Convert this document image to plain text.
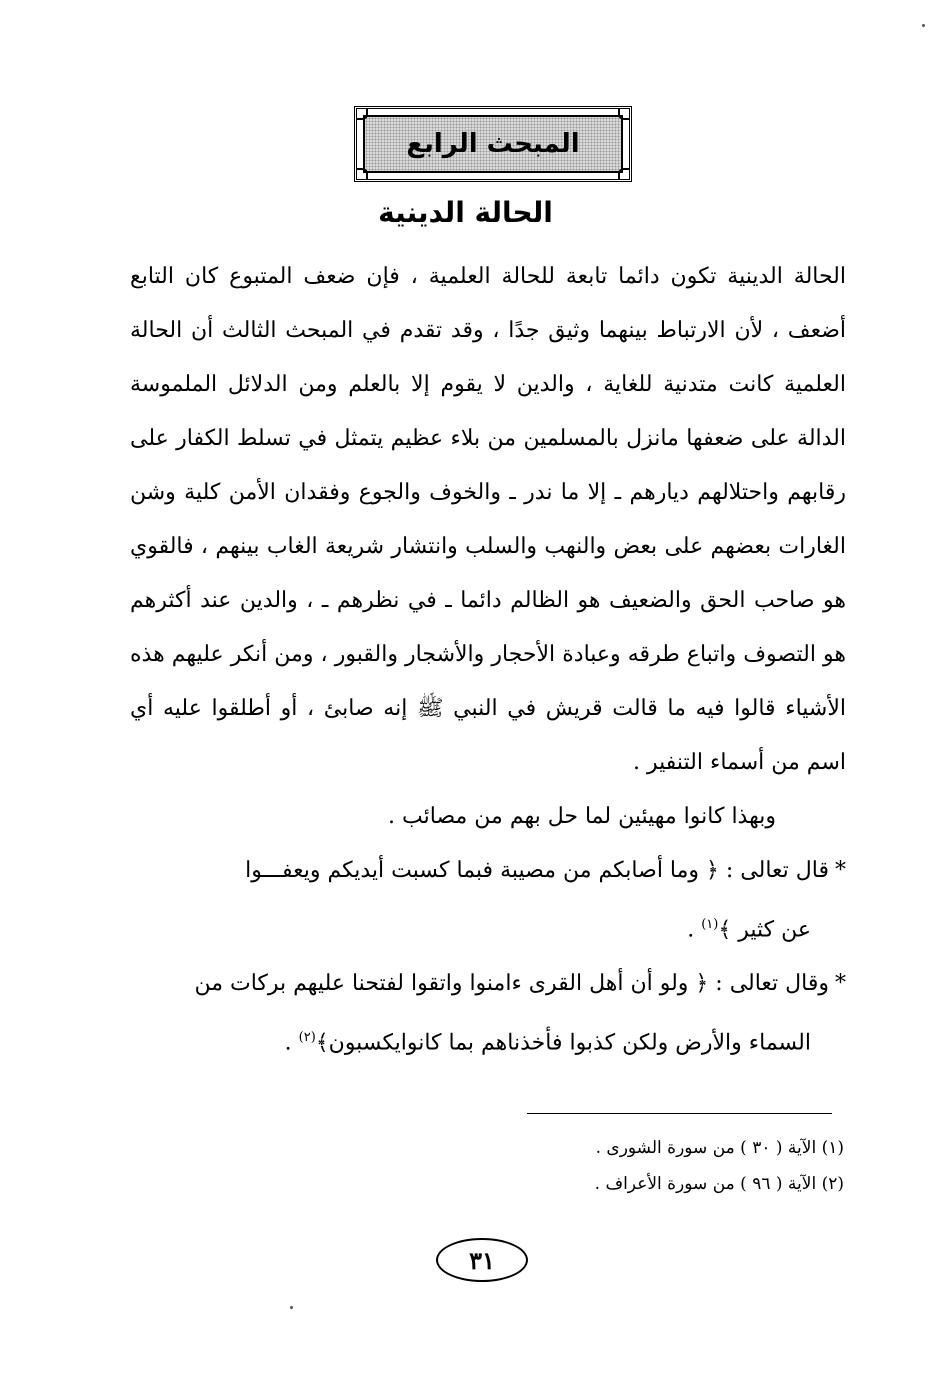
المبحث الرابع
الحالة الدينية

الحالة الدينية تكون دائما تابعة للحالة العلمية ، فإن ضعف المتبوع كان التابع أضعف ، لأن الارتباط بينهما وثيق جدًا ، وقد تقدم في المبحث الثالث أن الحالة العلمية كانت متدنية للغاية ، والدين لا يقوم إلا بالعلم ومن الدلائل الملموسة الدالة على ضعفها مانزل بالمسلمين من بلاء عظيم يتمثل في تسلط الكفار على رقابهم واحتلالهم ديارهم ـ إلا ما ندر ـ والخوف والجوع وفقدان الأمن كلية وشن الغارات بعضهم على بعض والنهب والسلب وانتشار شريعة الغاب بينهم ، فالقوي هو صاحب الحق والضعيف هو الظالم دائما ـ في نظرهم ـ ، والدين عند أكثرهم هو التصوف واتباع طرقه وعبادة الأحجار والأشجار والقبور ، ومن أنكر عليهم هذه الأشياء قالوا فيه ما قالت قريش في النبي ﷺ إنه صابئ ، أو أطلقوا عليه أي اسم من أسماء التنفير .

وبهذا كانوا مهيئين لما حل بهم من مصائب .

*قال تعالى : ﴿ وما أصابكم من مصيبة فبما كسبت أيديكم ويعفـــوا
عن كثير ﴾$^{(١)}$ .
*وقال تعالى : ﴿ ولو أن أهل القرى ءامنوا واتقوا لفتحنا عليهم بركات من
السماء والأرض ولكن كذبوا فأخذناهم بما كانوايكسبون﴾$^{(٢)}$ .
(١) الآية ( ٣٠ ) من سورة الشورى .
(٢) الآية ( ٩٦ ) من سورة الأعراف .
٣١
